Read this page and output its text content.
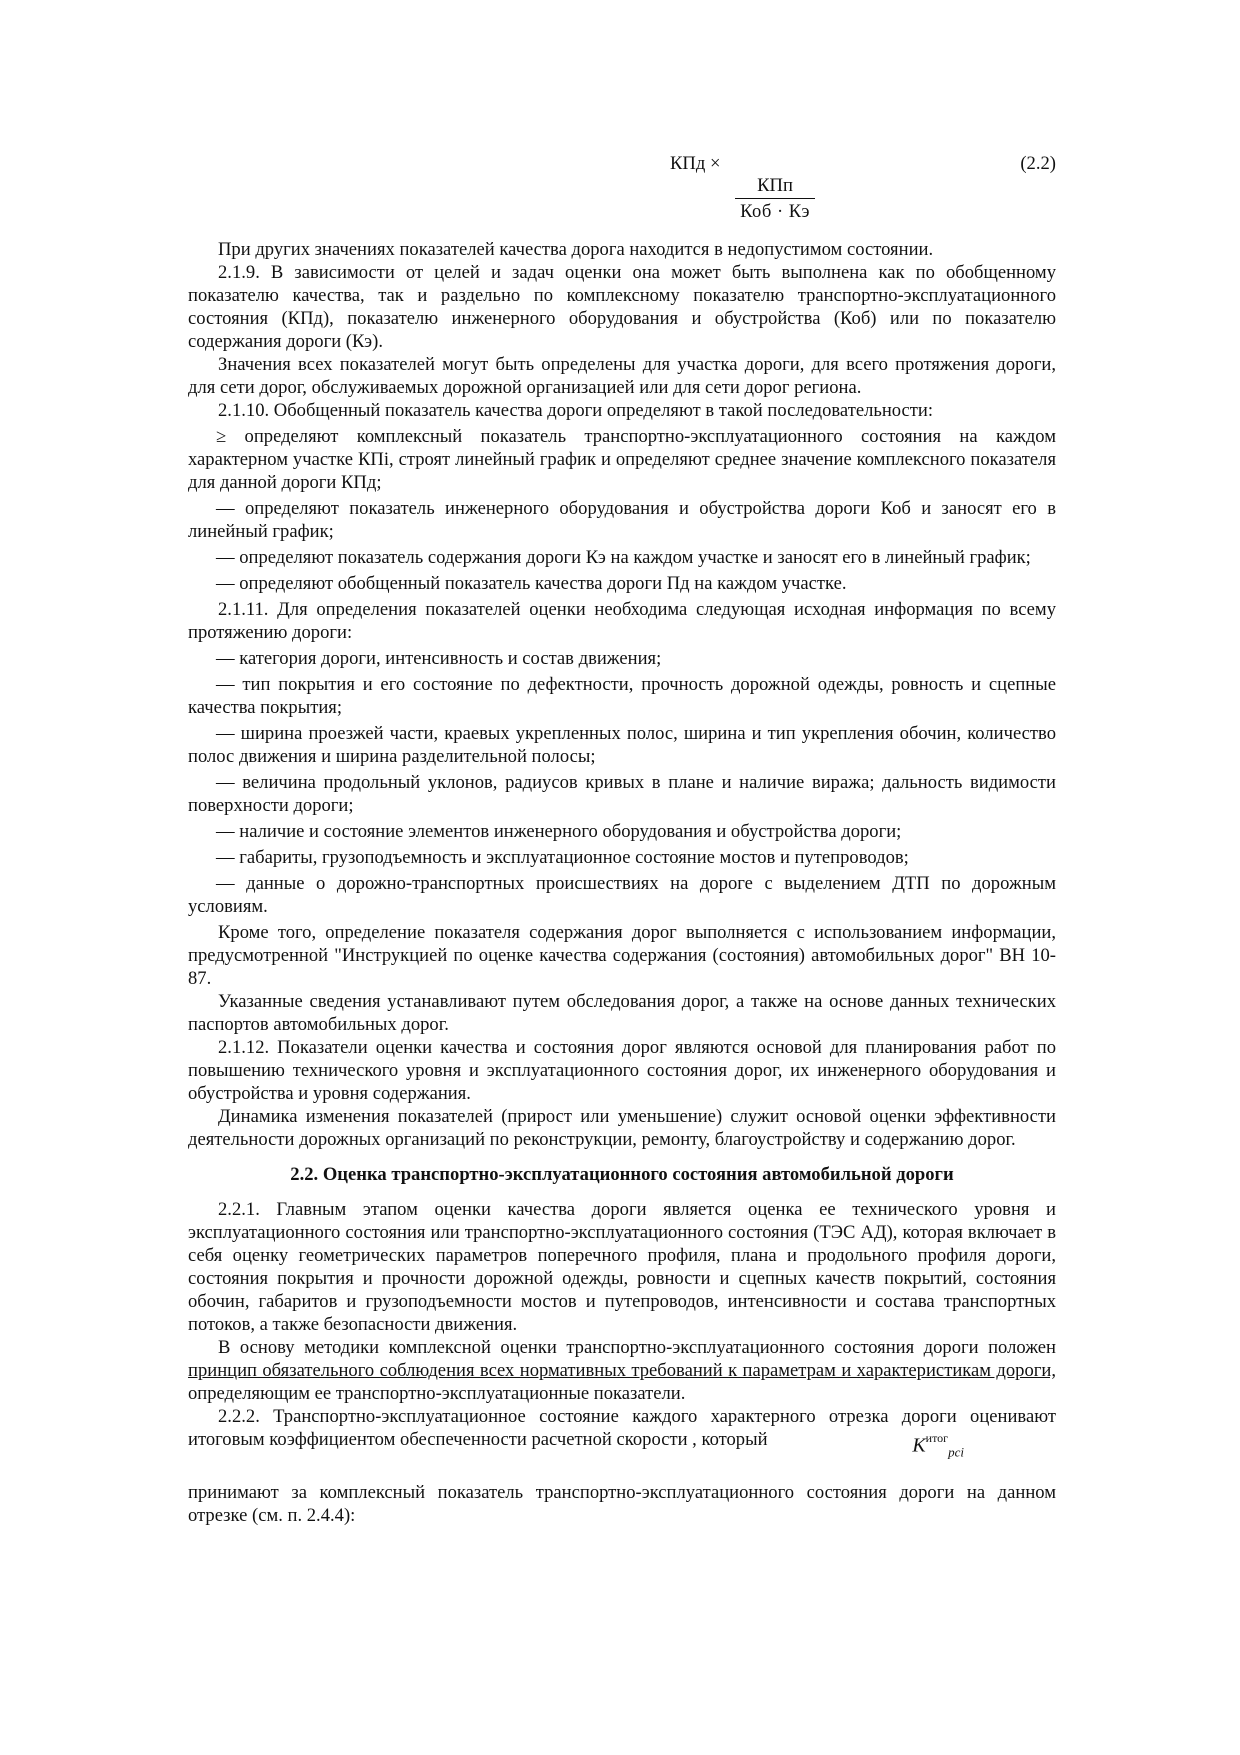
КПд ×
КПп
Коб · Кэ
(2.2)

При других значениях показателей качества дорога находится в недопустимом состоянии.

2.1.9. В зависимости от целей и задач оценки она может быть выполнена как по обобщенному показателю качества, так и раздельно по комплексному показателю транспортно-эксплуатационного состояния (КПд), показателю инженерного оборудования и обустройства (Коб) или по показателю содержания дороги (Кэ).

Значения всех показателей могут быть определены для участка дороги, для всего протяжения дороги, для сети дорог, обслуживаемых дорожной организацией или для сети дорог региона.

2.1.10. Обобщенный показатель качества дороги определяют в такой последовательности:

≥ определяют комплексный показатель транспортно-эксплуатационного состояния на каждом характерном участке КПi, строят линейный график и определяют среднее значение комплексного показателя для данной дороги КПд;

— определяют показатель инженерного оборудования и обустройства дороги Коб и заносят его в линейный график;

— определяют показатель содержания дороги Кэ на каждом участке и заносят его в линейный график;

— определяют обобщенный показатель качества дороги Пд на каждом участке.

2.1.11. Для определения показателей оценки необходима следующая исходная информация по всему протяжению дороги:

— категория дороги, интенсивность и состав движения;

— тип покрытия и его состояние по дефектности, прочность дорожной одежды, ровность и сцепные качества покрытия;

— ширина проезжей части, краевых укрепленных полос, ширина и тип укрепления обочин, количество полос движения и ширина разделительной полосы;

— величина продольный уклонов, радиусов кривых в плане и наличие виража; дальность видимости поверхности дороги;

— наличие и состояние элементов инженерного оборудования и обустройства дороги;

— габариты, грузоподъемность и эксплуатационное состояние мостов и путепроводов;

— данные о дорожно-транспортных происшествиях на дороге с выделением ДТП по дорожным условиям.

Кроме того, определение показателя содержания дорог выполняется с использованием информации, предусмотренной "Инструкцией по оценке качества содержания (состояния) автомобильных дорог" ВН 10-87.

Указанные сведения устанавливают путем обследования дорог, а также на основе данных технических паспортов автомобильных дорог.

2.1.12. Показатели оценки качества и состояния дорог являются основой для планирования работ по повышению технического уровня и эксплуатационного состояния дорог, их инженерного оборудования и обустройства и уровня содержания.

Динамика изменения показателей (прирост или уменьшение) служит основой оценки эффективности деятельности дорожных организаций по реконструкции, ремонту, благоустройству и содержанию дорог.

2.2. Оценка транспортно-эксплуатационного состояния автомобильной дороги

2.2.1. Главным этапом оценки качества дороги является оценка ее технического уровня и эксплуатационного состояния или транспортно-эксплуатационного состояния (ТЭС АД), которая включает в себя оценку геометрических параметров поперечного профиля, плана и продольного профиля дороги, состояния покрытия и прочности дорожной одежды, ровности и сцепных качеств покрытий, состояния обочин, габаритов и грузоподъемности мостов и путепроводов, интенсивности и состава транспортных потоков, а также безопасности движения.

В основу методики комплексной оценки транспортно-эксплуатационного состояния дороги положен принцип обязательного соблюдения всех нормативных требований к параметрам и характеристикам дороги, определяющим ее транспортно-эксплуатационные показатели.

2.2.2. Транспортно-эксплуатационное состояние каждого характерного отрезка дороги оценивают итоговым коэффициентом обеспеченности расчетной скорости , который	$K^{итог}_{рсi}$

принимают за комплексный показатель транспортно-эксплуатационного состояния дороги на данном отрезке (см. п. 2.4.4):
